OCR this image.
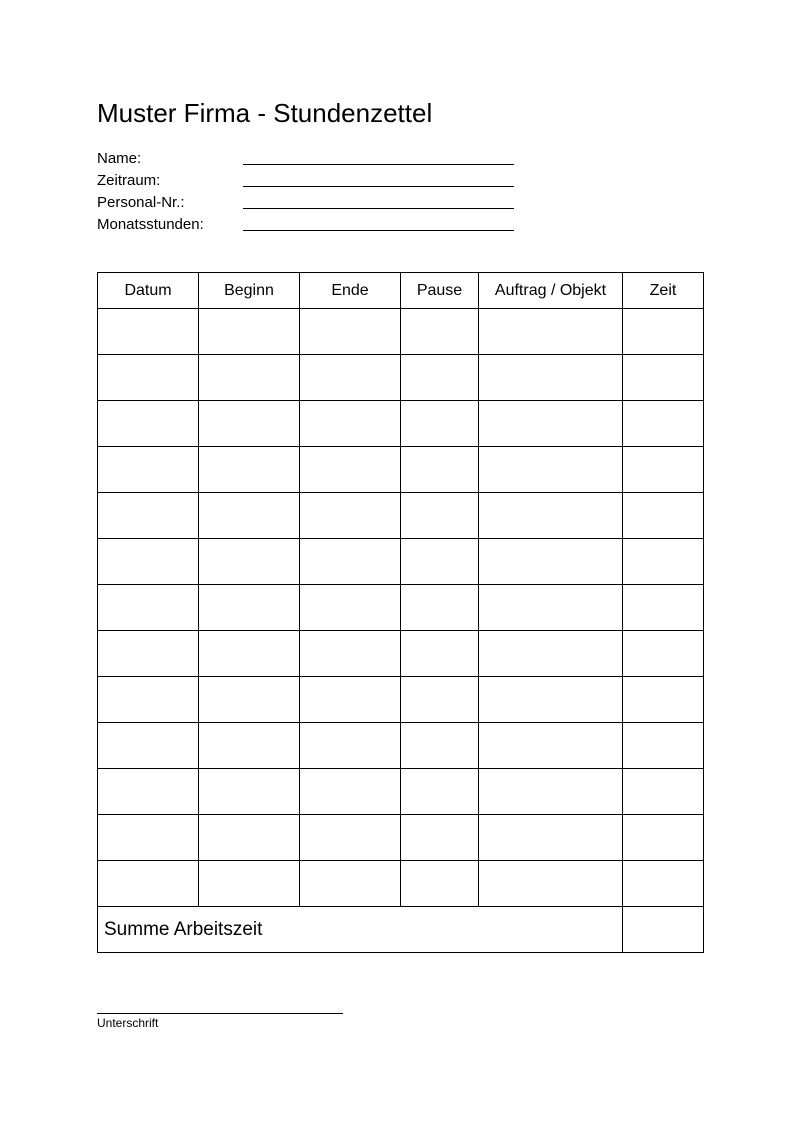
Muster Firma - Stundenzettel
Name:
Zeitraum:
Personal-Nr.:
Monatsstunden:
Datum	Beginn	Ende	Pause	Auftrag / Objekt	Zeit

Summe Arbeitszeit					
Unterschrift
